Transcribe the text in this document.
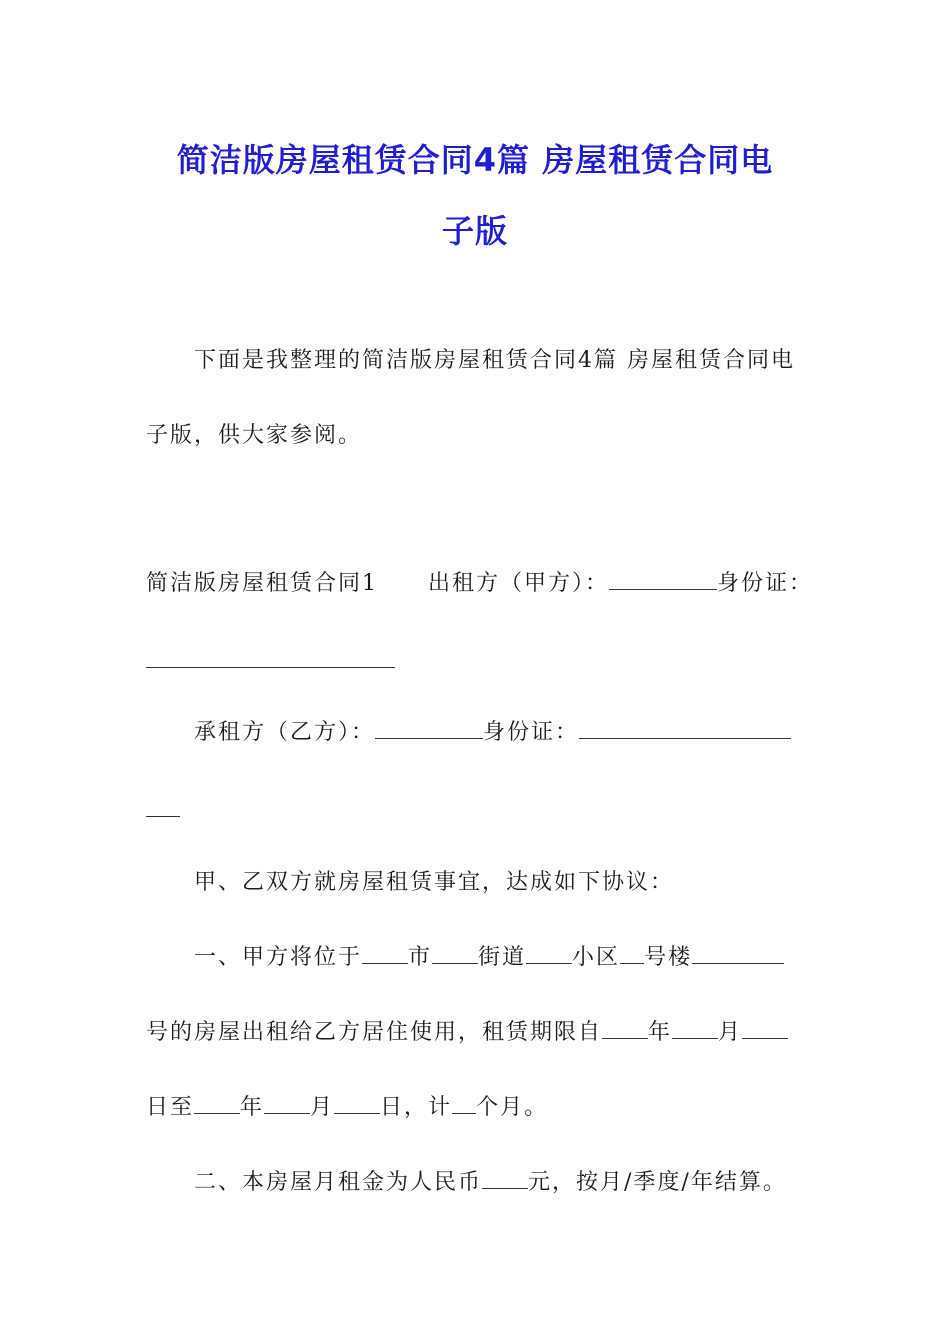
简洁版房屋租赁合同4篇 房屋租赁合同电
子版
下面是我整理的简洁版房屋租赁合同4篇 房屋租赁合同电
子版，供大家参阅。
简洁版房屋租赁合同1 出租方（甲方）：	身份证：
承租方（乙方）：	身份证：
甲、乙双方就房屋租赁事宜，达成如下协议：
一、甲方将位于 市 街道 小区 号楼
号的房屋出租给乙方居住使用，租赁期限自 年 月
日至 年 月 日，计 个月。
二、本房屋月租金为人民币 元，按月/季度/年结算。
